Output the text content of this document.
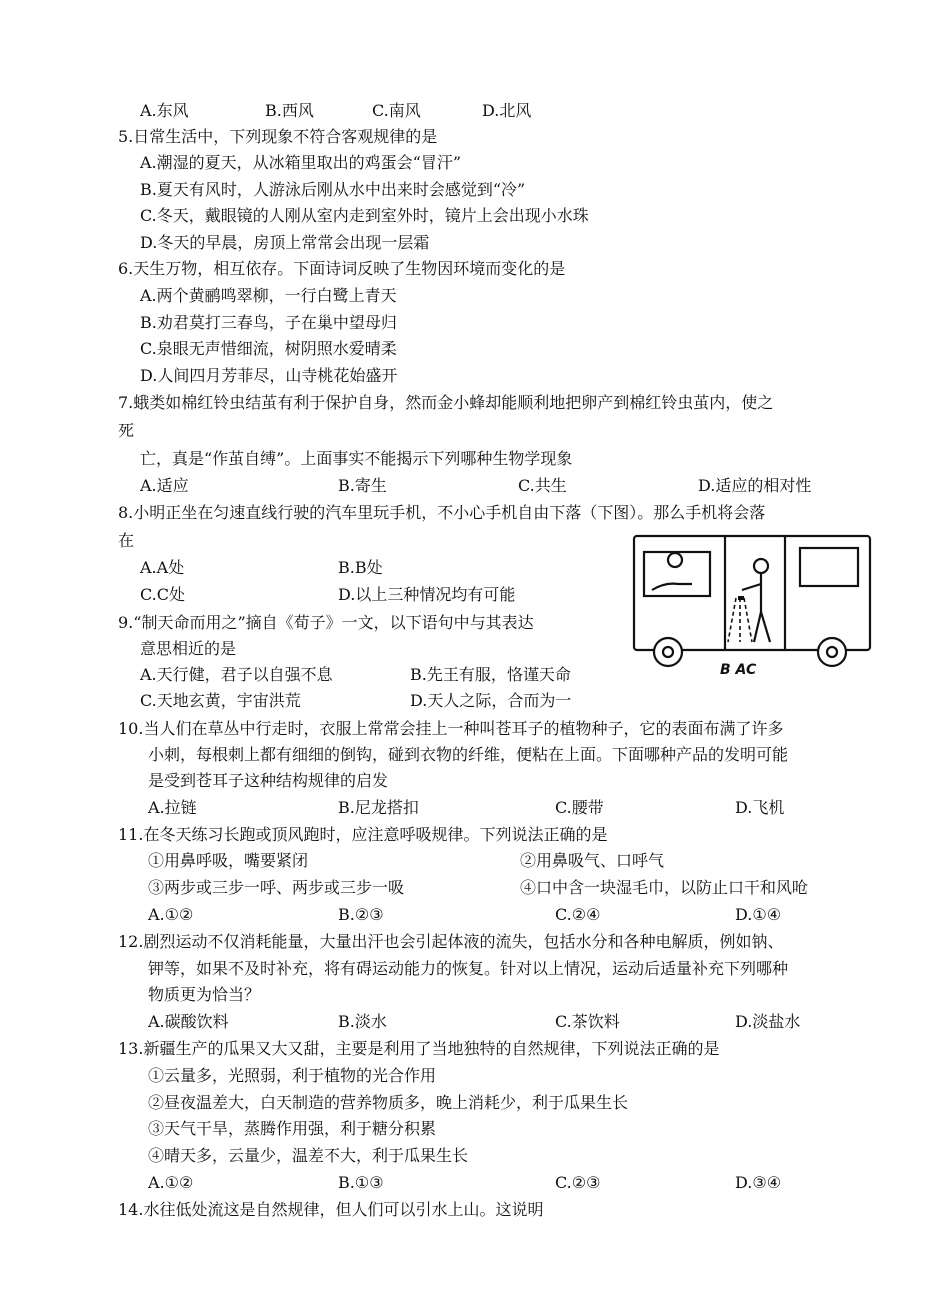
A.东风	B.西风	C.南风	D.北风
5.日常生活中，下列现象不符合客观规律的是
A.潮湿的夏天，从冰箱里取出的鸡蛋会“冒汗”
B.夏天有风时，人游泳后刚从水中出来时会感觉到“冷”
C.冬天，戴眼镜的人刚从室内走到室外时，镜片上会出现小水珠
D.冬天的早晨，房顶上常常会出现一层霜
6.天生万物，相互依存。下面诗词反映了生物因环境而变化的是
A.两个黄鹂鸣翠柳，一行白鹭上青天
B.劝君莫打三春鸟，子在巢中望母归
C.泉眼无声惜细流，树阴照水爱晴柔
D.人间四月芳菲尽，山寺桃花始盛开
7.蛾类如棉红铃虫结茧有利于保护自身，然而金小蜂却能顺利地把卵产到棉红铃虫茧内，使之
死
亡，真是“作茧自缚”。上面事实不能揭示下列哪种生物学现象
A.适应	B.寄生	C.共生	D.适应的相对性
8.小明正坐在匀速直线行驶的汽车里玩手机，不小心手机自由下落（下图）。那么手机将会落
在
A.A处	B.B处
C.C处	D.以上三种情况均有可能
B AC
9.“制天命而用之”摘自《荀子》一文，以下语句中与其表达
意思相近的是
A.天行健，君子以自强不息	B.先王有服，恪谨天命
C.天地玄黄，宇宙洪荒	D.天人之际，合而为一
10.当人们在草丛中行走时，衣服上常常会挂上一种叫苍耳子的植物种子，它的表面布满了许多
小刺，每根刺上都有细细的倒钩，碰到衣物的纤维，便粘在上面。下面哪种产品的发明可能
是受到苍耳子这种结构规律的启发
A.拉链	B.尼龙搭扣	C.腰带	D.飞机
11.在冬天练习长跑或顶风跑时，应注意呼吸规律。下列说法正确的是
①用鼻呼吸，嘴要紧闭	②用鼻吸气、口呼气
③两步或三步一呼、两步或三步一吸	④口中含一块湿毛巾，以防止口干和风呛
A.①②	B.②③	C.②④	D.①④
12.剧烈运动不仅消耗能量，大量出汗也会引起体液的流失，包括水分和各种电解质，例如钠、
钾等，如果不及时补充，将有碍运动能力的恢复。针对以上情况，运动后适量补充下列哪种
物质更为恰当？
A.碳酸饮料	B.淡水	C.茶饮料	D.淡盐水
13.新疆生产的瓜果又大又甜，主要是利用了当地独特的自然规律，下列说法正确的是
①云量多，光照弱，利于植物的光合作用
②昼夜温差大，白天制造的营养物质多，晚上消耗少，利于瓜果生长
③天气干旱，蒸腾作用强，利于糖分积累
④晴天多，云量少，温差不大，利于瓜果生长
A.①②	B.①③	C.②③	D.③④
14.水往低处流这是自然规律，但人们可以引水上山。这说明
